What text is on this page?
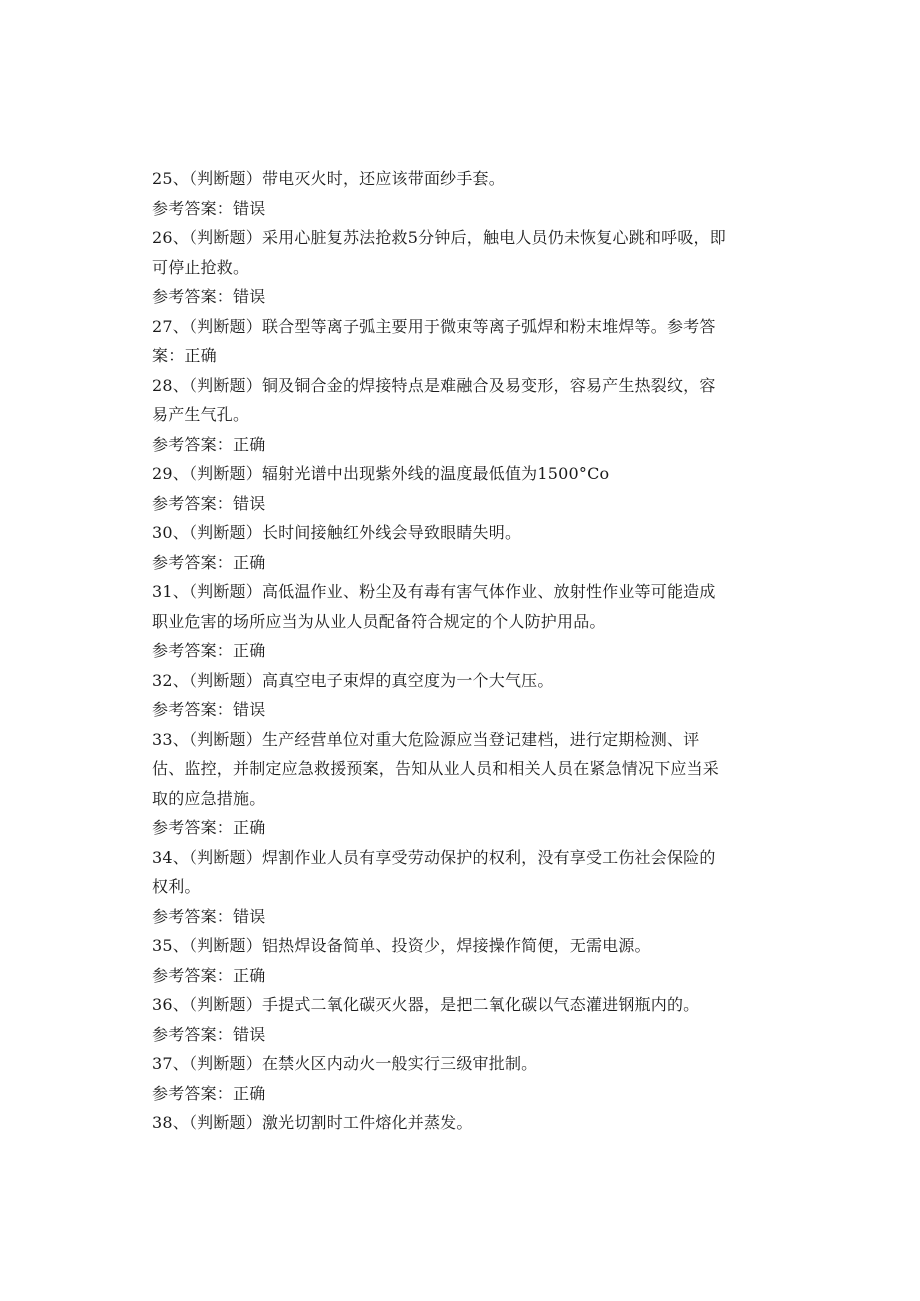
25、（判断题）带电灭火时，还应该带面纱手套。
参考答案：错误
26、（判断题）采用心脏复苏法抢救5分钟后，触电人员仍未恢复心跳和呼吸，即
可停止抢救。
参考答案：错误
27、（判断题）联合型等离子弧主要用于微束等离子弧焊和粉末堆焊等。参考答
案：正确
28、（判断题）铜及铜合金的焊接特点是难融合及易变形，容易产生热裂纹，容
易产生气孔。
参考答案：正确
29、（判断题）辐射光谱中出现紫外线的温度最低值为1500°Co
参考答案：错误
30、（判断题）长时间接触红外线会导致眼睛失明。
参考答案：正确
31、（判断题）高低温作业、粉尘及有毒有害气体作业、放射性作业等可能造成
职业危害的场所应当为从业人员配备符合规定的个人防护用品。
参考答案：正确
32、（判断题）高真空电子束焊的真空度为一个大气压。
参考答案：错误
33、（判断题）生产经营单位对重大危险源应当登记建档，进行定期检测、评
估、监控，并制定应急救援预案，告知从业人员和相关人员在紧急情况下应当采
取的应急措施。
参考答案：正确
34、（判断题）焊割作业人员有享受劳动保护的权利，没有享受工伤社会保险的
权利。
参考答案：错误
35、（判断题）铝热焊设备简单、投资少，焊接操作简便，无需电源。
参考答案：正确
36、（判断题）手提式二氧化碳灭火器，是把二氧化碳以气态灌进钢瓶内的。
参考答案：错误
37、（判断题）在禁火区内动火一般实行三级审批制。
参考答案：正确
38、（判断题）激光切割时工件熔化并蒸发。
